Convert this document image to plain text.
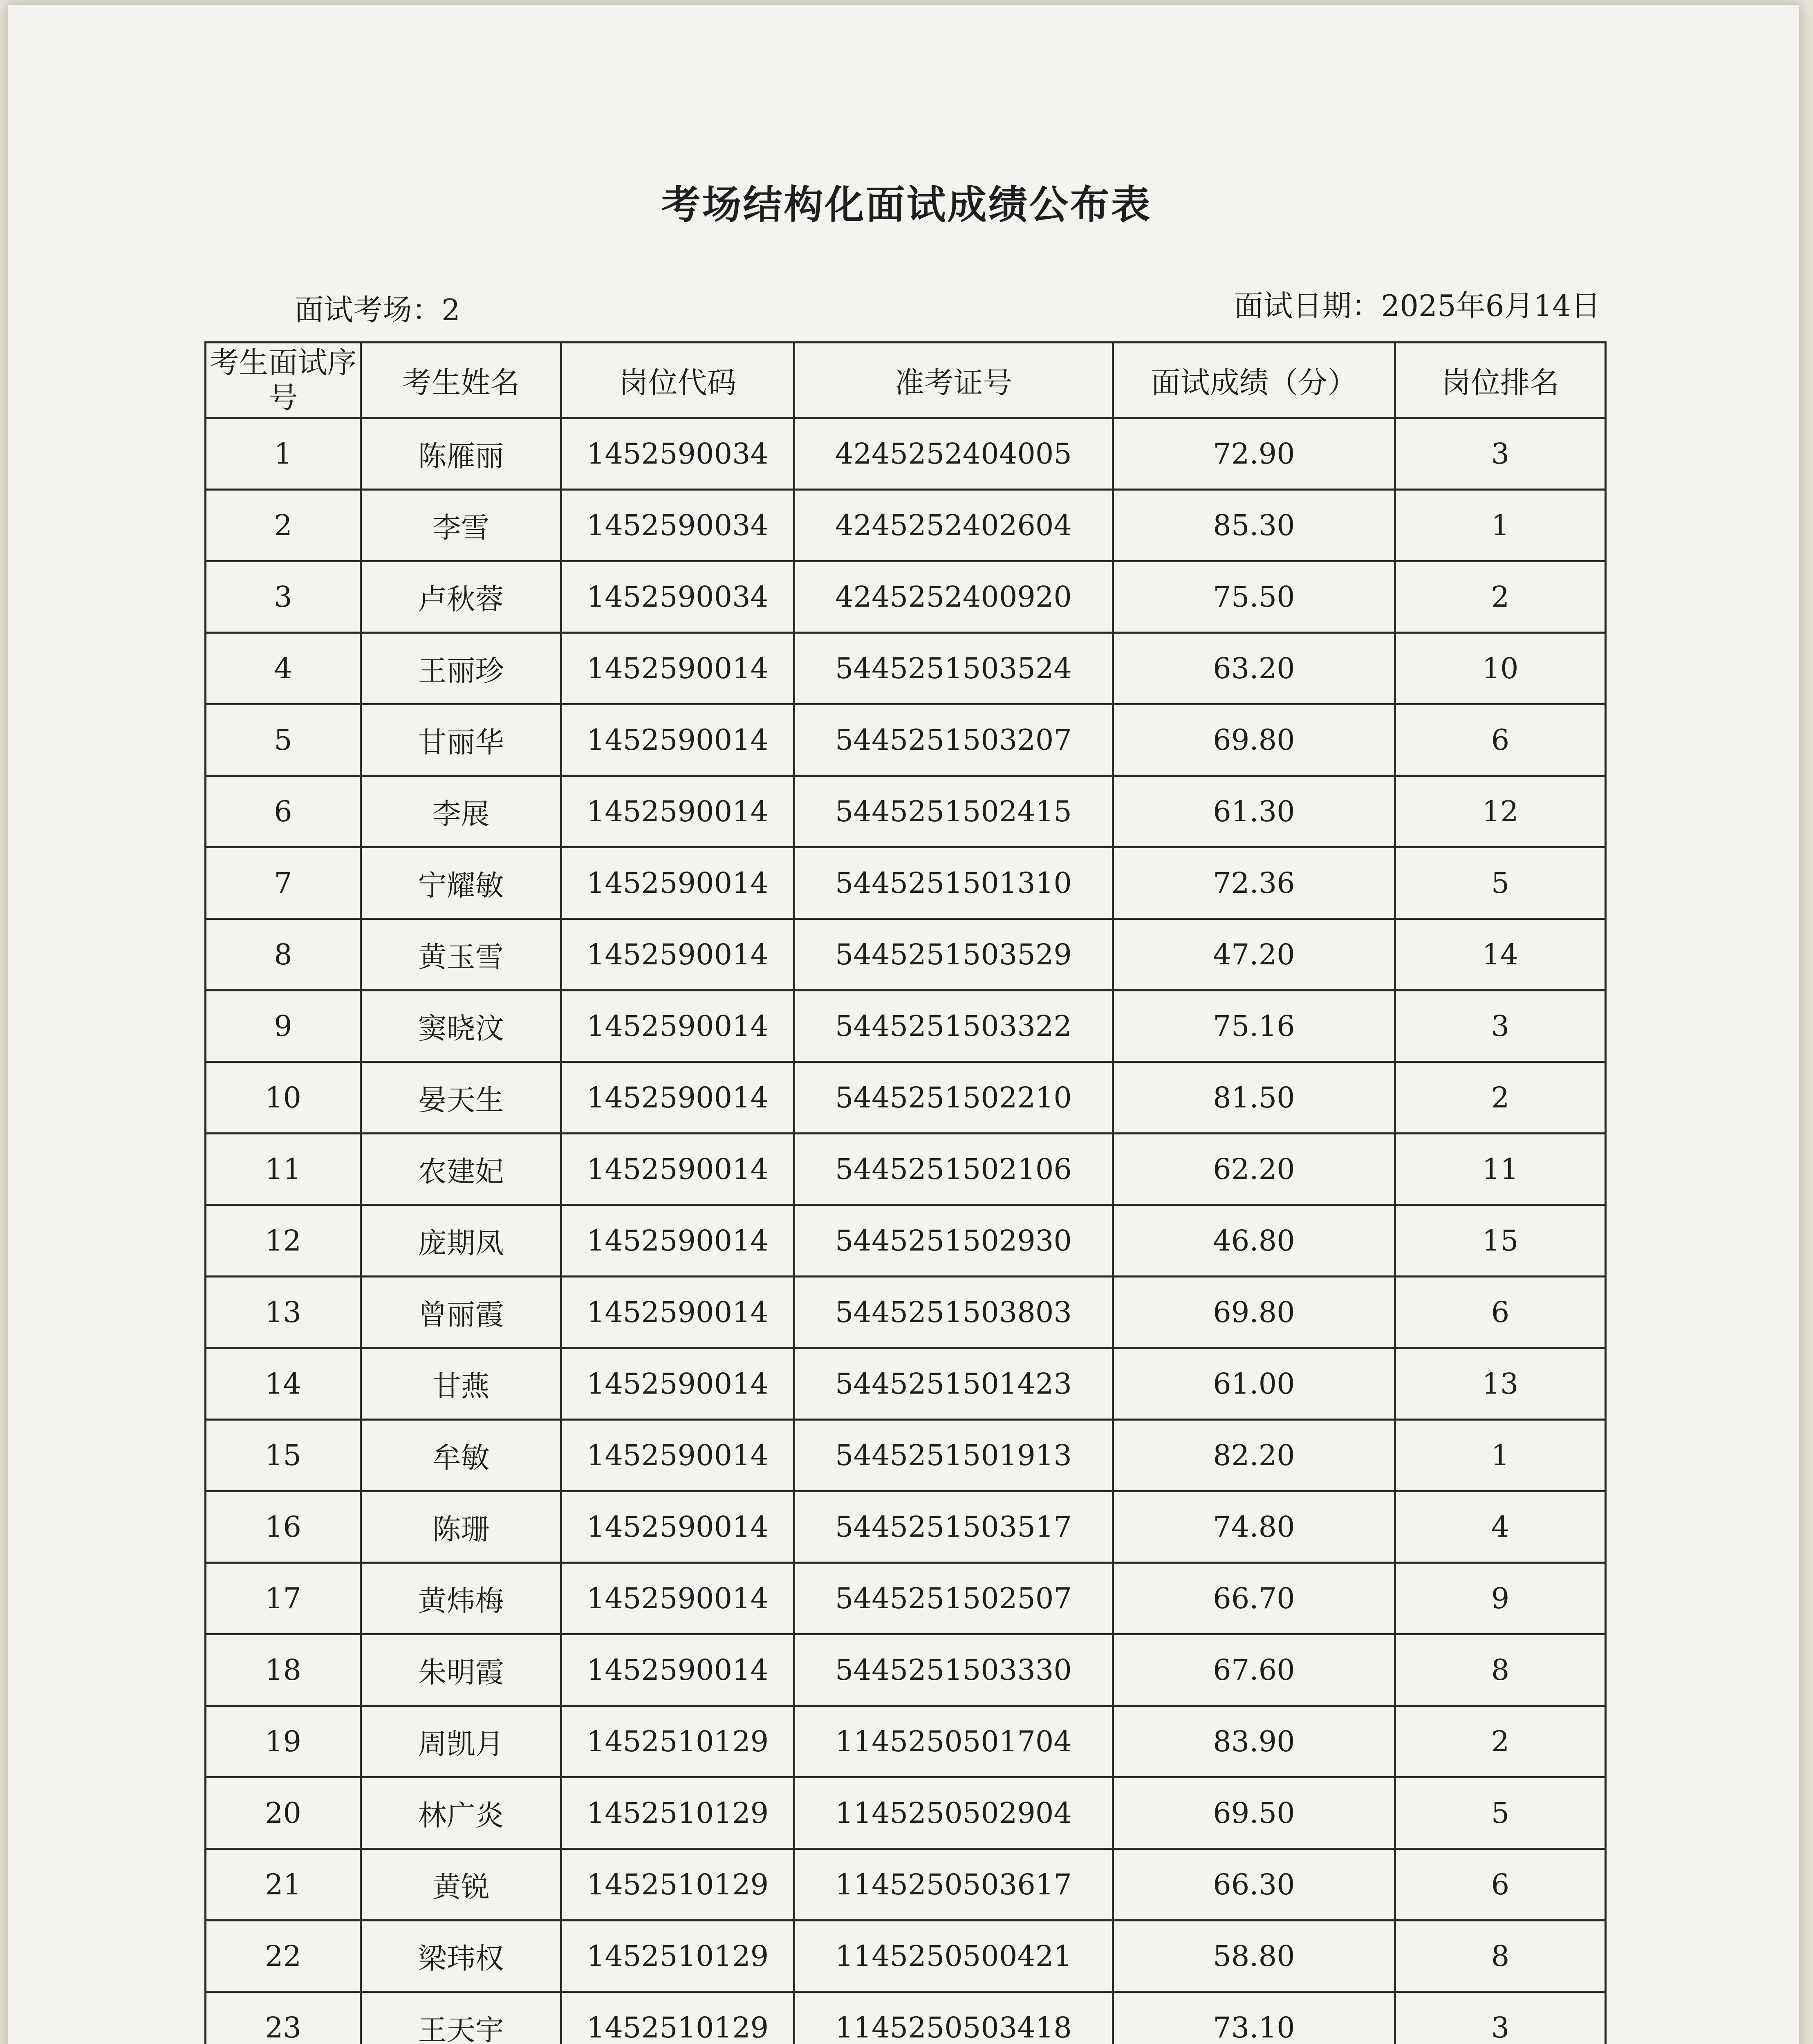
考场结构化面试成绩公布表
面试考场：2	面试日期：2025年6月14日
考生面试序号	考生姓名	岗位代码	准考证号	面试成绩（分）	岗位排名
1	陈雁丽	1452590034	4245252404005	72.90	3
2	李雪	1452590034	4245252402604	85.30	1
3	卢秋蓉	1452590034	4245252400920	75.50	2
4	王丽珍	1452590014	5445251503524	63.20	10
5	甘丽华	1452590014	5445251503207	69.80	6
6	李展	1452590014	5445251502415	61.30	12
7	宁耀敏	1452590014	5445251501310	72.36	5
8	黄玉雪	1452590014	5445251503529	47.20	14
9	窦晓汶	1452590014	5445251503322	75.16	3
10	晏天生	1452590014	5445251502210	81.50	2
11	农建妃	1452590014	5445251502106	62.20	11
12	庞期凤	1452590014	5445251502930	46.80	15
13	曾丽霞	1452590014	5445251503803	69.80	6
14	甘燕	1452590014	5445251501423	61.00	13
15	牟敏	1452590014	5445251501913	82.20	1
16	陈珊	1452590014	5445251503517	74.80	4
17	黄炜梅	1452590014	5445251502507	66.70	9
18	朱明霞	1452590014	5445251503330	67.60	8
19	周凯月	1452510129	1145250501704	83.90	2
20	林广炎	1452510129	1145250502904	69.50	5
21	黄锐	1452510129	1145250503617	66.30	6
22	梁玮权	1452510129	1145250500421	58.80	8
23	王天宇	1452510129	1145250503418	73.10	3
